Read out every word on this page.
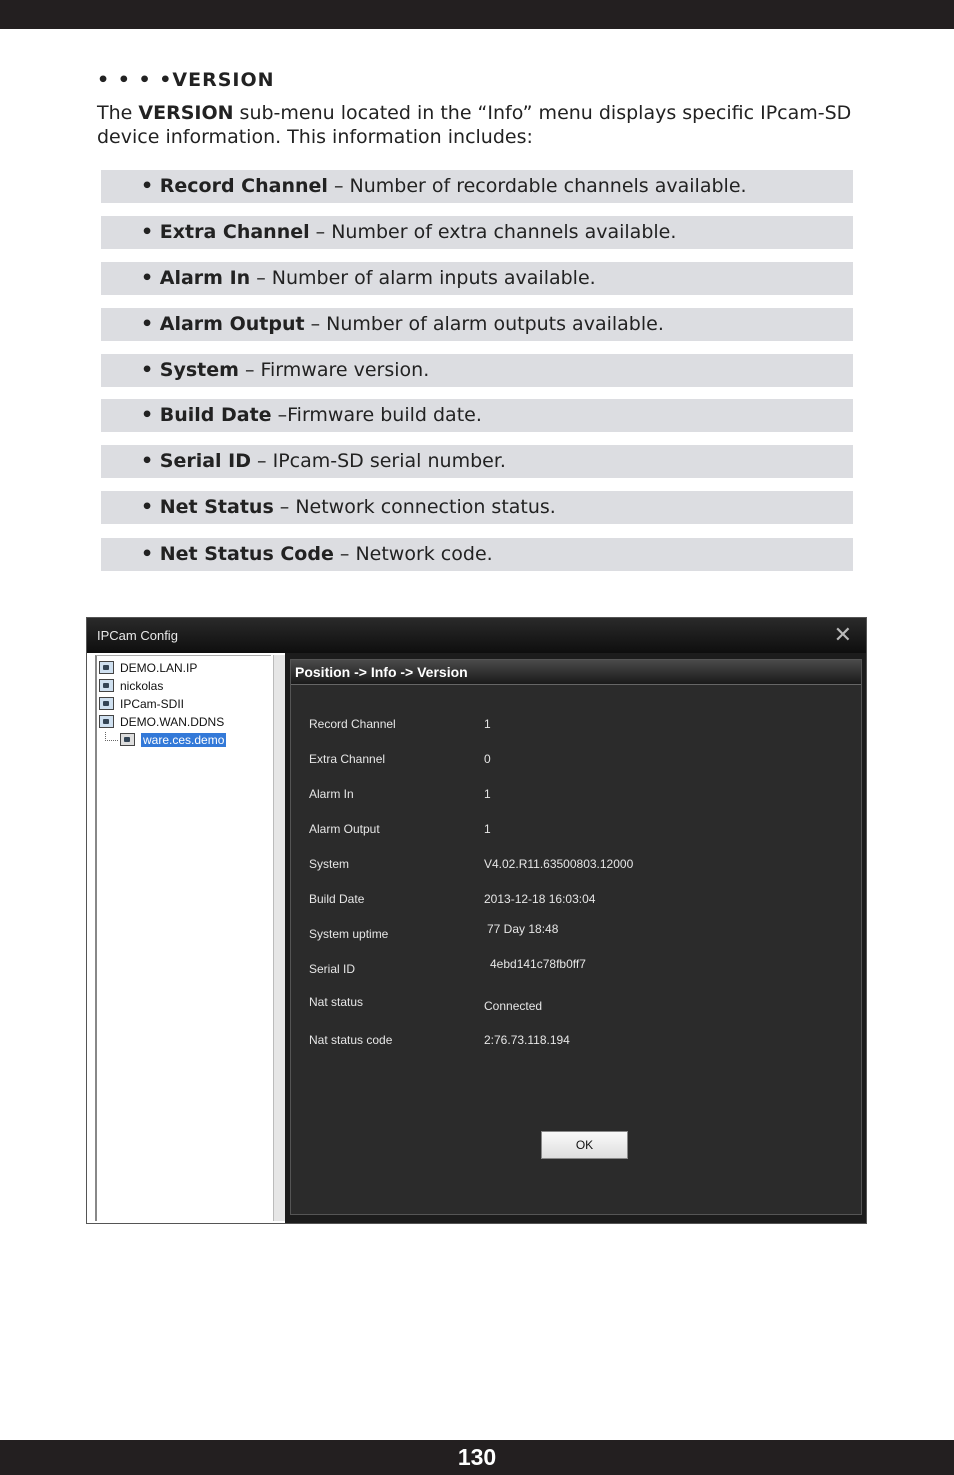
• • • •VERSION
The VERSION sub-menu located in the “Info” menu displays specific IPcam-SD device information. This information includes:
• Record Channel – Number of recordable channels available.
• Extra Channel – Number of extra channels available.
• Alarm In – Number of alarm inputs available.
• Alarm Output – Number of alarm outputs available.
• System – Firmware version.
• Build Date –Firmware build date.
• Serial ID – IPcam-SD serial number.
• Net Status – Network connection status.
• Net Status Code – Network code.
IPCam Config	✕
DEMO.LAN.IP
nickolas
IPCam-SDII
DEMO.WAN.DDNS
ware.ces.demo
Position -> Info -> Version
Record Channel	1
Extra Channel	0
Alarm In	1
Alarm Output	1
System	V4.02.R11.63500803.12000
Build Date	2013-12-18 16:03:04
System uptime	77 Day 18:48
Serial ID	4ebd141c78fb0ff7
Nat status	Connected
Nat status code	2:76.73.118.194
OK
130
